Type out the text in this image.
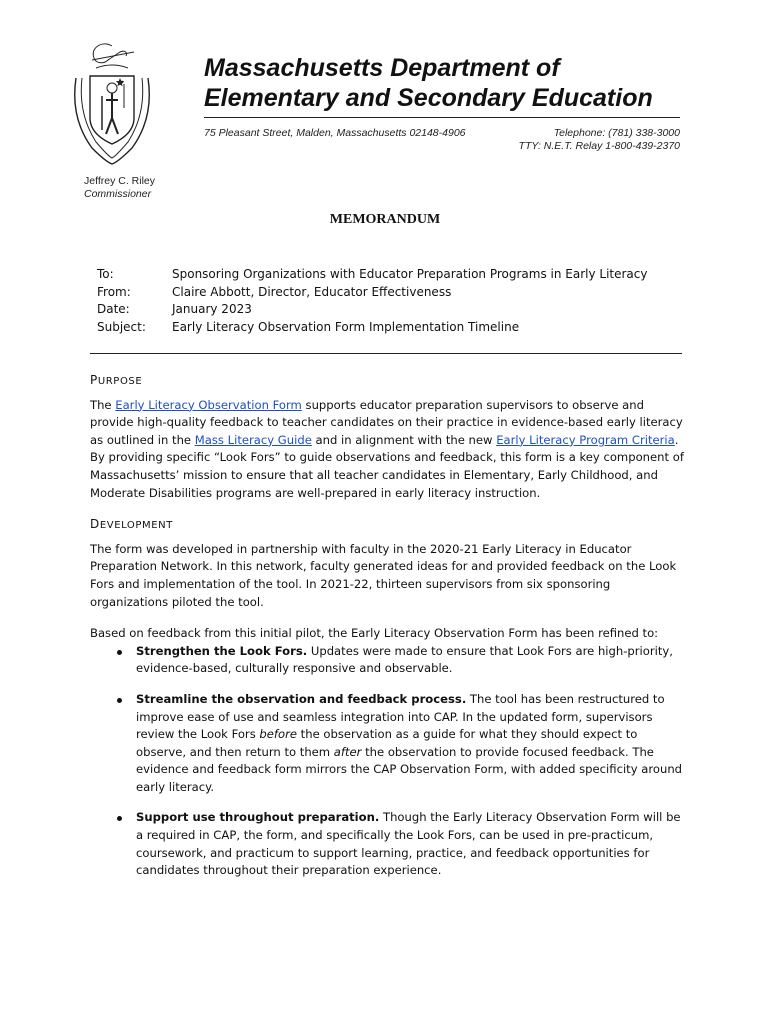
Massachusetts Department of
Elementary and Secondary Education
75 Pleasant Street, Malden, Massachusetts 02148-4906	Telephone: (781) 338-3000
TTY: N.E.T. Relay 1-800-439-2370
Jeffrey C. Riley
Commissioner
MEMORANDUM
To:	Sponsoring Organizations with Educator Preparation Programs in Early Literacy
From:	Claire Abbott, Director, Educator Effectiveness
Date:	January 2023
Subject:	Early Literacy Observation Form Implementation Timeline
PURPOSE

The Early Literacy Observation Form supports educator preparation supervisors to observe and provide high-quality feedback to teacher candidates on their practice in evidence-based early literacy as outlined in the Mass Literacy Guide and in alignment with the new Early Literacy Program Criteria. By providing specific “Look Fors” to guide observations and feedback, this form is a key component of Massachusetts’ mission to ensure that all teacher candidates in Elementary, Early Childhood, and Moderate Disabilities programs are well-prepared in early literacy instruction.

DEVELOPMENT

The form was developed in partnership with faculty in the 2020-21 Early Literacy in Educator Preparation Network. In this network, faculty generated ideas for and provided feedback on the Look Fors and implementation of the tool. In 2021-22, thirteen supervisors from six sponsoring organizations piloted the tool.

Based on feedback from this initial pilot, the Early Literacy Observation Form has been refined to:

Strengthen the Look Fors. Updates were made to ensure that Look Fors are high-priority, evidence-based, culturally responsive and observable.
Streamline the observation and feedback process. The tool has been restructured to improve ease of use and seamless integration into CAP. In the updated form, supervisors review the Look Fors before the observation as a guide for what they should expect to observe, and then return to them after the observation to provide focused feedback. The evidence and feedback form mirrors the CAP Observation Form, with added specificity around early literacy.
Support use throughout preparation. Though the Early Literacy Observation Form will be a required in CAP, the form, and specifically the Look Fors, can be used in pre-practicum, coursework, and practicum to support learning, practice, and feedback opportunities for candidates throughout their preparation experience.
